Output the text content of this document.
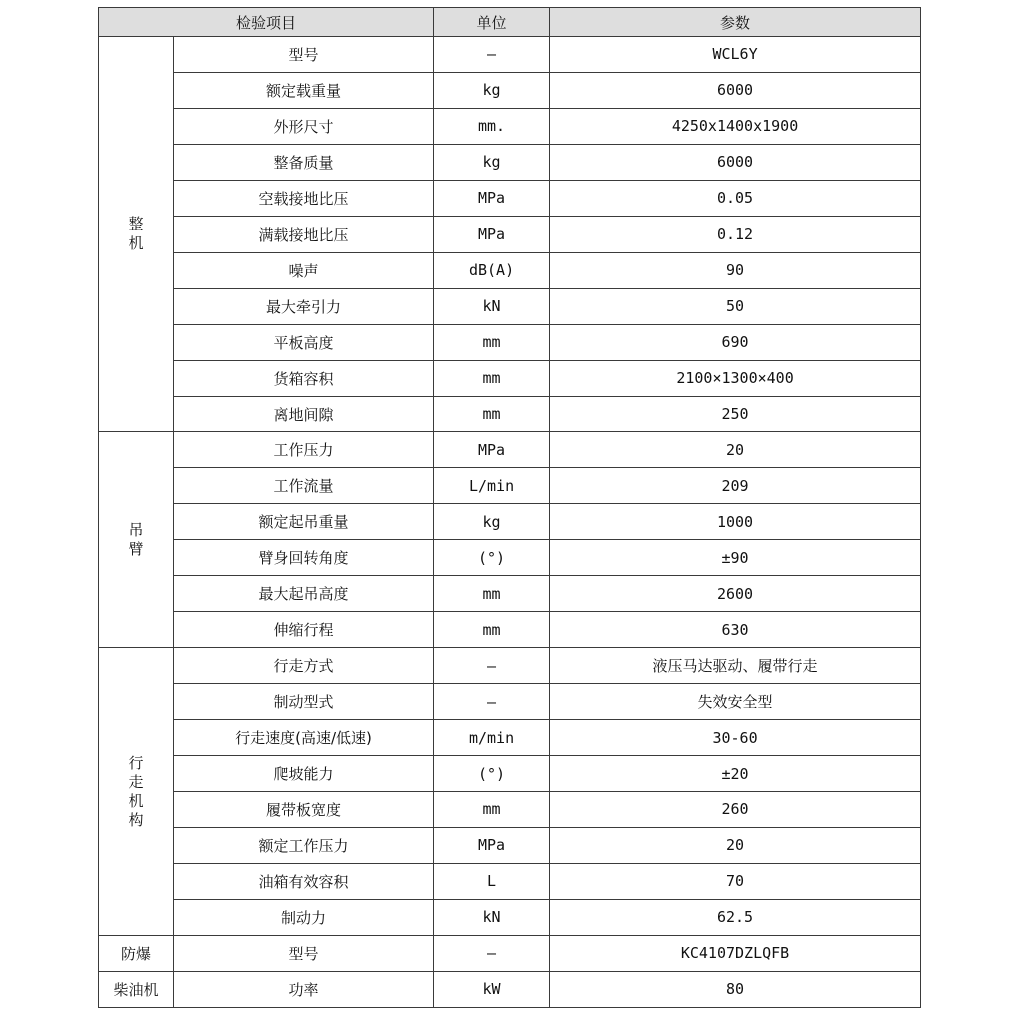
检验项目		单位	参数
整机	型号	—	WCL6Y
	额定载重量	kg	6000
	外形尺寸	mm.	4250x1400x1900
	整备质量	kg	6000
	空载接地比压	MPa	0.05
	满载接地比压	MPa	0.12
	噪声	dB(A)	90
	最大牵引力	kN	50
	平板高度	mm	690
	货箱容积	mm	2100×1300×400
	离地间隙	mm	250
吊臂	工作压力	MPa	20
	工作流量	L/min	209
	额定起吊重量	kg	1000
	臂身回转角度	(°)	±90
	最大起吊高度	mm	2600
	伸缩行程	mm	630
行走机构	行走方式	—	液压马达驱动、履带行走
	制动型式	—	失效安全型
	行走速度(高速/低速)	m/min	30-60
	爬坡能力	(°)	±20
	履带板宽度	mm	260
	额定工作压力	MPa	20
	油箱有效容积	L	70
	制动力	kN	62.5
防爆	型号	—	KC4107DZLQFB
柴油机	功率	kW	80
